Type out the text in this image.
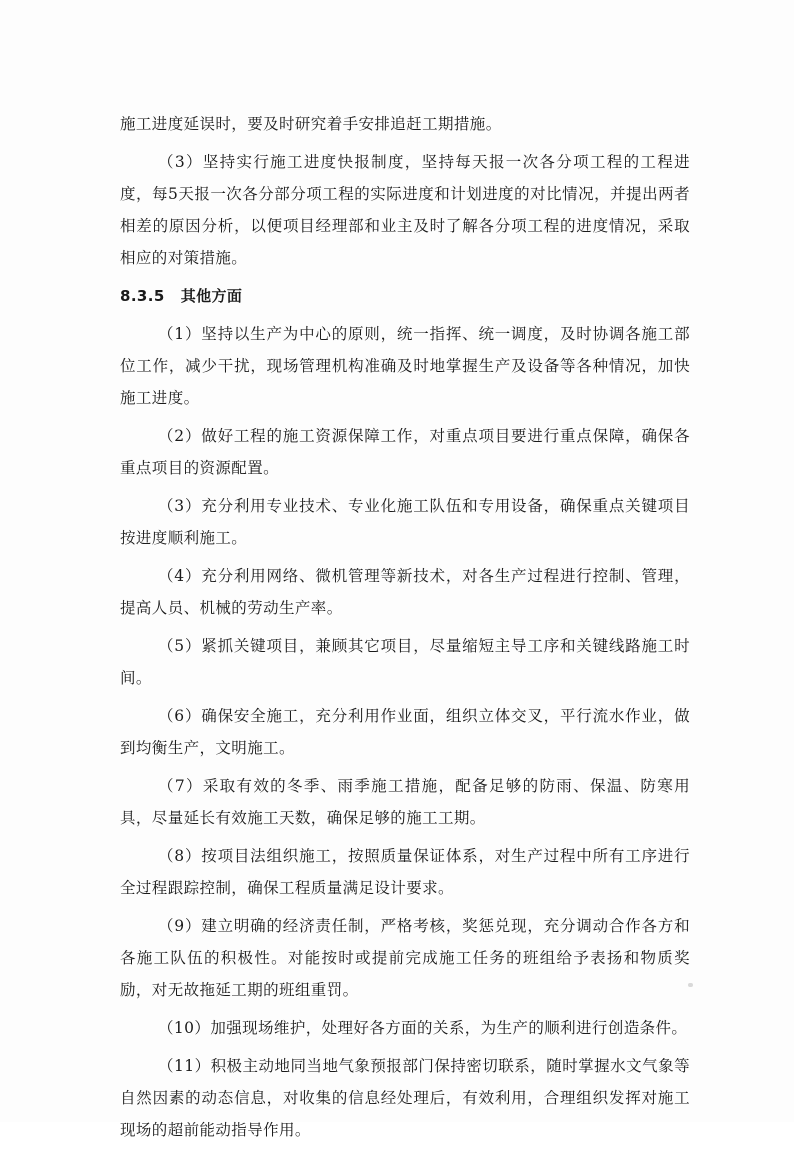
施工进度延误时，要及时研究着手安排追赶工期措施。

（3）坚持实行施工进度快报制度，坚持每天报一次各分项工程的工程进度，每5天报一次各分部分项工程的实际进度和计划进度的对比情况，并提出两者相差的原因分析，以便项目经理部和业主及时了解各分项工程的进度情况，采取相应的对策措施。

8.3.5 其他方面

（1）坚持以生产为中心的原则，统一指挥、统一调度，及时协调各施工部位工作，减少干扰，现场管理机构准确及时地掌握生产及设备等各种情况，加快施工进度。

（2）做好工程的施工资源保障工作，对重点项目要进行重点保障，确保各重点项目的资源配置。

（3）充分利用专业技术、专业化施工队伍和专用设备，确保重点关键项目按进度顺利施工。

（4）充分利用网络、微机管理等新技术，对各生产过程进行控制、管理，提高人员、机械的劳动生产率。

（5）紧抓关键项目，兼顾其它项目，尽量缩短主导工序和关键线路施工时间。

（6）确保安全施工，充分利用作业面，组织立体交叉，平行流水作业，做到均衡生产，文明施工。

（7）采取有效的冬季、雨季施工措施，配备足够的防雨、保温、防寒用具，尽量延长有效施工天数，确保足够的施工工期。

（8）按项目法组织施工，按照质量保证体系，对生产过程中所有工序进行全过程跟踪控制，确保工程质量满足设计要求。

（9）建立明确的经济责任制，严格考核，奖惩兑现，充分调动合作各方和各施工队伍的积极性。对能按时或提前完成施工任务的班组给予表扬和物质奖励，对无故拖延工期的班组重罚。

（10）加强现场维护，处理好各方面的关系，为生产的顺利进行创造条件。

（11）积极主动地同当地气象预报部门保持密切联系，随时掌握水文气象等自然因素的动态信息，对收集的信息经处理后，有效利用，合理组织发挥对施工现场的超前能动指导作用。
